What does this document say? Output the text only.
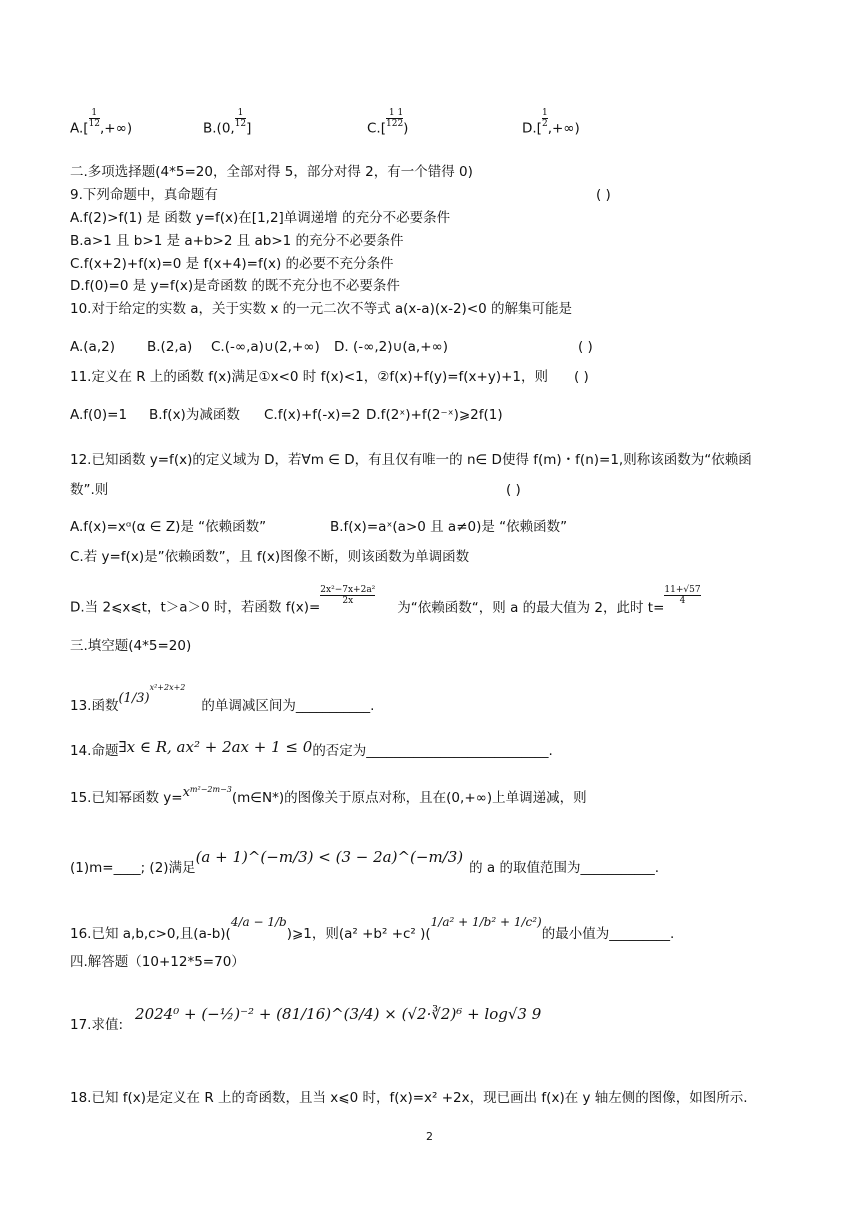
$A.[ \frac{1}{12}$ ,+∞)	B.(0, $\frac{1}{12}$ ]	$C.[ \frac{1}{12} \frac{1}{2}$ )	$D.[ \frac{1}{2}$ ,+∞)
二.多项选择题(4*5=20，全部对得 5，部分对得 2，有一个错得 0)
9.下列命题中，真命题有	( )
A.f(2)>f(1) 是 函数 y=f(x)在[1,2]单调递增 的充分不必要条件
B.a>1 且 b>1 是 a+b>2 且 ab>1 的充分不必要条件
C.f(x+2)+f(x)=0 是 f(x+4)=f(x) 的必要不充分条件
D.f(0)=0 是 y=f(x)是奇函数 的既不充分也不必要条件
10.对于给定的实数 a，关于实数 x 的一元二次不等式 a(x-a)(x-2)<0 的解集可能是
A.(a,2) B.(2,a) C.(-∞,a)∪(2,+∞) D. (-∞,2)∪(a,+∞)	( )
11.定义在 R 上的函数 f(x)满足①x<0 时 f(x)<1，②f(x)+f(y)=f(x+y)+1，则 ( )
A.f(0)=1 B.f(x)为减函数 C.f(x)+f(-x)=2 D.f(2ˣ)+f(2⁻ˣ)⩾2f(1)
12.已知函数 y=f(x)的定义域为 D，若∀m ∈ D，有且仅有唯一的 n∈ D使得 f(m)・f(n)=1,则称该函数为“依赖函
数”.则	( )
A.f(x)=xᵅ(α ∈ Z)是 “依赖函数”	B.f(x)=aˣ(a>0 且 a≠0)是 “依赖函数”
C.若 y=f(x)是”依赖函数”，且 f(x)图像不断，则该函数为单调函数
D.当 2⩽x⩽t，t＞a＞0 时，若函数 f(x)=
$\frac{\text{2x²−7x+2a²}}{2x}$
为“依赖函数“，则 a 的最大值为 2，此时 t=
$\frac{11+√57}{4}$
三.填空题(4*5=20)
13.函数$(1/3)^{x^2+2x+2}$的单调减区间为___________.
14.命题∃x ∈ R, ax² + 2ax + 1 ≤ 0的否定为___________________________.
15.已知幂函数 $y=x^{m^2-2m-3}(m\in N*)$的图像关于原点对称，且在(0,+∞)上单调递减，则
(1)m=____; (2)满足(a + 1)^(−m/3) < (3 − 2a)^(−m/3)的 a 的取值范围为___________.
16.已知 a,b,c>0,且(a-b)(4/a − 1/b)⩾1，则(a² +b² +c² )(1/a² + 1/b² + 1/c²)的最小值为_________.
四.解答题（10+12*5=70）
17.求值:2024⁰ + (−½)⁻² + (81/16)^(3/4) × (√2·∛2)⁶ + log√3 9
18.已知 f(x)是定义在 R 上的奇函数，且当 x⩽0 时，f(x)=x² +2x，现已画出 f(x)在 y 轴左侧的图像，如图所示.
2
